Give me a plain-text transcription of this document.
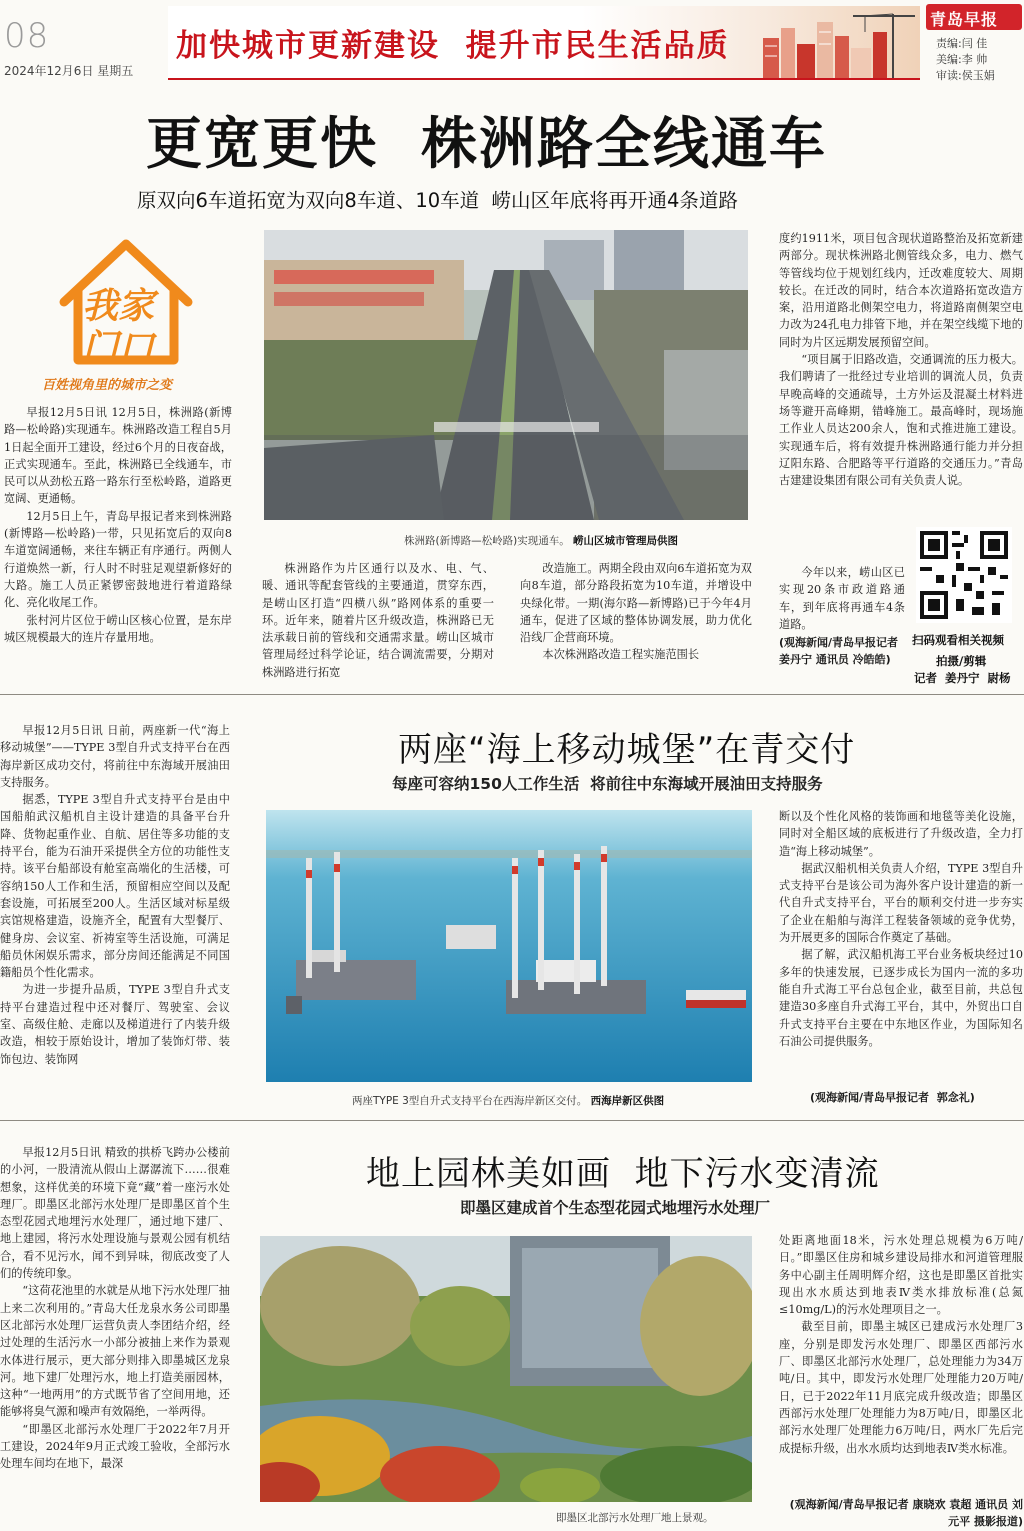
08
2024年12月6日 星期五
加快城市更新建设  提升市民生活品质
青岛早报
责编:闫 佳
美编:李 帅
审读:侯玉娟
更宽更快  株洲路全线通车
原双向6车道拓宽为双向8车道、10车道  崂山区年底将再开通4条道路
我家门口
百姓视角里的城市之变

早报12月5日讯 12月5日，株洲路(新博路—松岭路)实现通车。株洲路改造工程自5月1日起全面开工建设，经过6个月的日夜奋战，正式实现通车。至此，株洲路已全线通车，市民可以从劲松五路一路东行至松岭路，道路更宽阔、更通畅。

12月5日上午，青岛早报记者来到株洲路(新博路—松岭路)一带，只见拓宽后的双向8车道宽阔通畅，来往车辆正有序通行。两侧人行道焕然一新，行人时不时驻足观望新修好的大路。施工人员正紧锣密鼓地进行着道路绿化、亮化收尾工作。

张村河片区位于崂山区核心位置，是东岸城区规模最大的连片存量用地。

株洲路(新博路—松岭路)实现通车。 崂山区城市管理局供图

株洲路作为片区通行以及水、电、气、暖、通讯等配套管线的主要通道，贯穿东西，是崂山区打造“四横八纵”路网体系的重要一环。近年来，随着片区升级改造，株洲路已无法承载日前的管线和交通需求量。崂山区城市管理局经过科学论证，结合调流需要，分期对株洲路进行拓宽

改造施工。两期全段由双向6车道拓宽为双向8车道，部分路段拓宽为10车道，并增设中央绿化带。一期(海尔路—新博路)已于今年4月通车，促进了区域的整体协调发展，助力优化沿线厂企营商环境。

本次株洲路改造工程实施范围长

度约1911米，项目包含现状道路整治及拓宽新建两部分。现状株洲路北侧管线众多，电力、燃气等管线均位于规划红线内，迁改难度较大、周期较长。在迁改的同时，结合本次道路拓宽改造方案，沿用道路北侧架空电力，将道路南侧架空电力改为24孔电力排管下地，并在架空线缆下地的同时为片区远期发展预留空间。

“项目属于旧路改造，交通调流的压力极大。我们聘请了一批经过专业培训的调流人员，负责早晚高峰的交通疏导，土方外运及混凝土材料进场等避开高峰期，错峰施工。最高峰时，现场施工作业人员达200余人，饱和式推进施工建设。实现通车后，将有效提升株洲路通行能力并分担辽阳东路、合肥路等平行道路的交通压力。”青岛古建建设集团有限公司有关负责人说。

今年以来，崂山区已实现20条市政道路通车，到年底将再通车4条道路。

(观海新闻/青岛早报记者 姜丹宁 通讯员 冷皓皓)
扫码观看相关视频
拍摄/剪辑
记者  姜丹宁  尉杨

早报12月5日讯 日前，两座新一代“海上移动城堡”——TYPE 3型自升式支持平台在西海岸新区成功交付，将前往中东海域开展油田支持服务。

据悉，TYPE 3型自升式支持平台是由中国船舶武汉船机自主设计建造的具备平台升降、货物起重作业、自航、居住等多功能的支持平台，能为石油开采提供全方位的功能性支持。该平台船部设有舱室高端化的生活楼，可容纳150人工作和生活，预留相应空间以及配套设施，可拓展至200人。生活区域对标星级宾馆规格建造，设施齐全，配置有大型餐厅、健身房、会议室、祈祷室等生活设施，可满足船员休闲娱乐需求，部分房间还能满足不同国籍船员个性化需求。

为进一步提升品质，TYPE 3型自升式支持平台建造过程中还对餐厅、驾驶室、会议室、高级住舱、走廊以及梯道进行了内装升级改造，相较于原始设计，增加了装饰灯带、装饰包边、装饰网

两座“海上移动城堡”在青交付
每座可容纳150人工作生活  将前往中东海域开展油田支持服务
两座TYPE 3型自升式支持平台在西海岸新区交付。 西海岸新区供图

断以及个性化风格的装饰画和地毯等美化设施，同时对全船区域的底板进行了升级改造，全力打造“海上移动城堡”。

据武汉船机相关负责人介绍，TYPE 3型自升式支持平台是该公司为海外客户设计建造的新一代自升式支持平台，平台的顺利交付进一步夯实了企业在船舶与海洋工程装备领域的竞争优势，为开展更多的国际合作奠定了基础。

据了解，武汉船机海工平台业务板块经过10多年的快速发展，已逐步成长为国内一流的多功能自升式海工平台总包企业，截至目前，共总包建造30多座自升式海工平台，其中，外贸出口自升式支持平台主要在中东地区作业，为国际知名石油公司提供服务。

(观海新闻/青岛早报记者  郭念礼)

早报12月5日讯 精致的拱桥飞跨办公楼前的小河，一股清流从假山上潺潺流下……很难想象，这样优美的环境下竟“藏”着一座污水处理厂。即墨区北部污水处理厂是即墨区首个生态型花园式地埋污水处理厂，通过地下建厂、地上建园，将污水处理设施与景观公园有机结合，看不见污水，闻不到异味，彻底改变了人们的传统印象。

“这荷花池里的水就是从地下污水处理厂抽上来二次利用的。”青岛大任龙泉水务公司即墨区北部污水处理厂运营负责人李团结介绍，经过处理的生活污水一小部分被抽上来作为景观水体进行展示，更大部分则排入即墨城区龙泉河。地下建厂处理污水，地上打造美丽园林，这种“一地两用”的方式既节省了空间用地，还能够将臭气源和噪声有效隔绝，一举两得。

“即墨区北部污水处理厂于2022年7月开工建设，2024年9月正式竣工验收，全部污水处理车间均在地下，最深

地上园林美如画  地下污水变清流
即墨区建成首个生态型花园式地埋污水处理厂
即墨区北部污水处理厂地上景观。

处距离地面18米，污水处理总规模为6万吨/日。”即墨区住房和城乡建设局排水和河道管理服务中心副主任周明辉介绍，这也是即墨区首批实现出水水质达到地表Ⅳ类水排放标准(总氮≤10mg/L)的污水处理项目之一。

截至目前，即墨主城区已建成污水处理厂3座，分别是即发污水处理厂、即墨区西部污水厂、即墨区北部污水处理厂，总处理能力为34万吨/日。其中，即发污水处理厂处理能力20万吨/日，已于2022年11月底完成升级改造；即墨区西部污水处理厂处理能力为8万吨/日，即墨区北部污水处理厂处理能力6万吨/日，两水厂先后完成提标升级，出水水质均达到地表Ⅳ类水标准。

(观海新闻/青岛早报记者 康晓欢 袁超 通讯员 刘元平 摄影报道)
